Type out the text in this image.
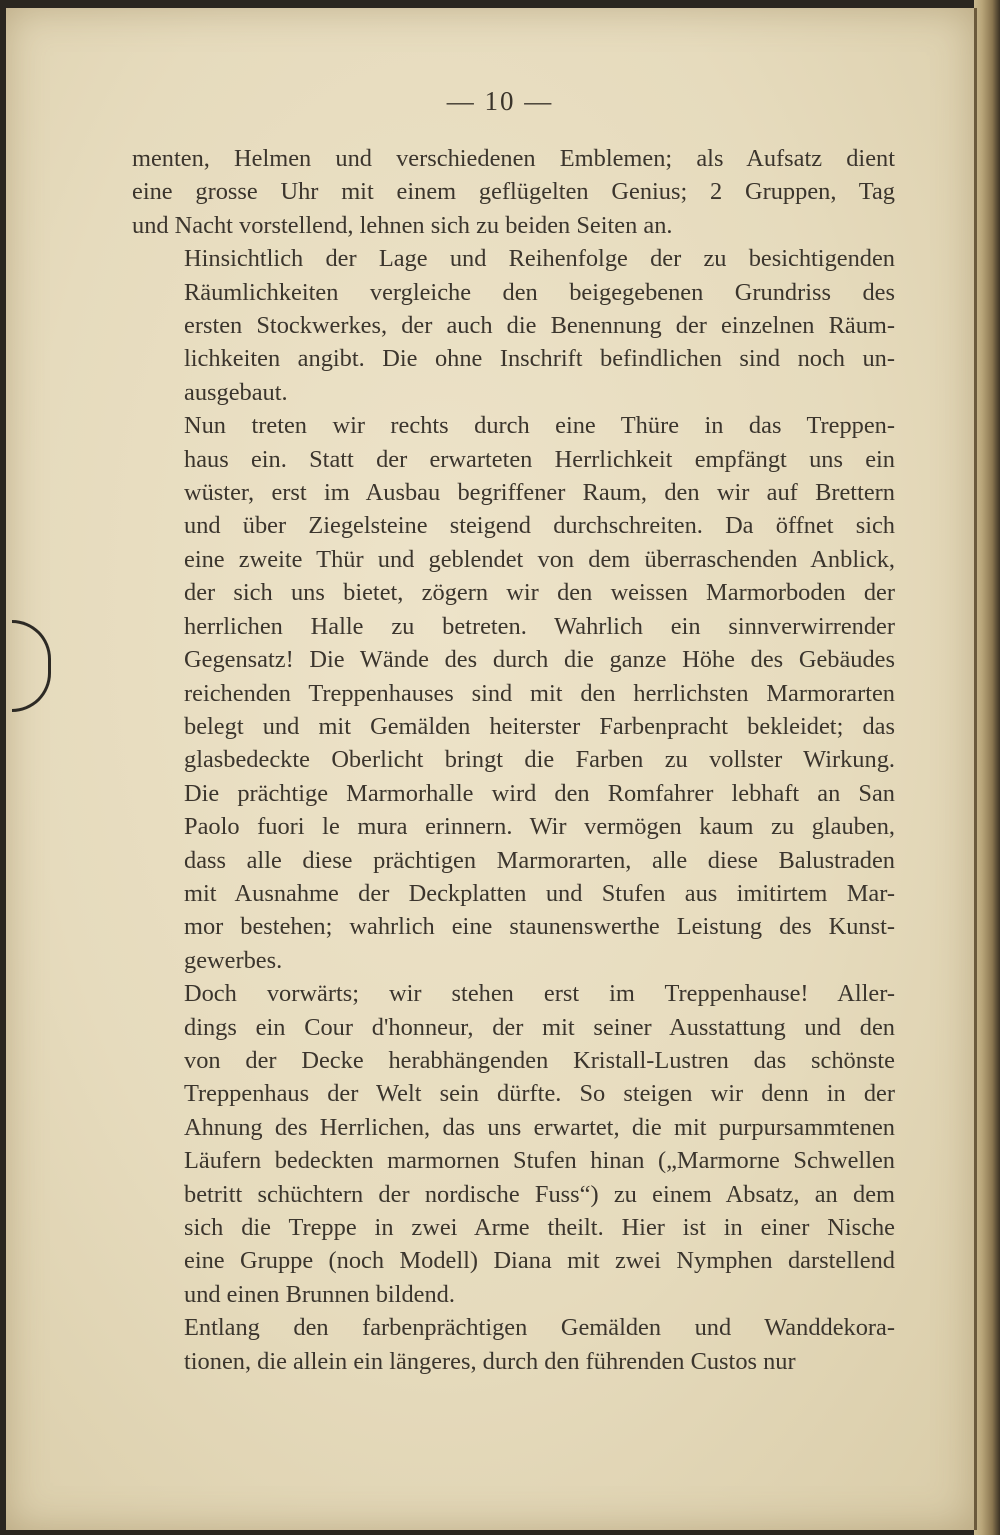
— 10 —

menten, Helmen und verschiedenen Emblemen; als Aufsatz dient
eine grosse Uhr mit einem geflügelten Genius; 2 Gruppen, Tag
und Nacht vorstellend, lehnen sich zu beiden Seiten an.

Hinsichtlich der Lage und Reihenfolge der zu besichtigenden
Räumlichkeiten vergleiche den beigegebenen Grundriss des
ersten Stockwerkes, der auch die Benennung der einzelnen Räum-
lichkeiten angibt. Die ohne Inschrift befindlichen sind noch un-
ausgebaut.

Nun treten wir rechts durch eine Thüre in das Treppen-
haus ein. Statt der erwarteten Herrlichkeit empfängt uns ein
wüster, erst im Ausbau begriffener Raum, den wir auf Brettern
und über Ziegelsteine steigend durchschreiten. Da öffnet sich
eine zweite Thür und geblendet von dem überraschenden Anblick,
der sich uns bietet, zögern wir den weissen Marmorboden der
herrlichen Halle zu betreten. Wahrlich ein sinnverwirrender
Gegensatz! Die Wände des durch die ganze Höhe des Gebäudes
reichenden Treppenhauses sind mit den herrlichsten Marmorarten
belegt und mit Gemälden heiterster Farbenpracht bekleidet; das
glasbedeckte Oberlicht bringt die Farben zu vollster Wirkung.
Die prächtige Marmorhalle wird den Romfahrer lebhaft an San
Paolo fuori le mura erinnern. Wir vermögen kaum zu glauben,
dass alle diese prächtigen Marmorarten, alle diese Balustraden
mit Ausnahme der Deckplatten und Stufen aus imitirtem Mar-
mor bestehen; wahrlich eine staunenswerthe Leistung des Kunst-
gewerbes.

Doch vorwärts; wir stehen erst im Treppenhause! Aller-
dings ein Cour d'honneur, der mit seiner Ausstattung und den
von der Decke herabhängenden Kristall-Lustren das schönste
Treppenhaus der Welt sein dürfte. So steigen wir denn in der
Ahnung des Herrlichen, das uns erwartet, die mit purpursammtenen
Läufern bedeckten marmornen Stufen hinan („Marmorne Schwellen
betritt schüchtern der nordische Fuss“) zu einem Absatz, an dem
sich die Treppe in zwei Arme theilt. Hier ist in einer Nische
eine Gruppe (noch Modell) Diana mit zwei Nymphen darstellend
und einen Brunnen bildend.

Entlang den farbenprächtigen Gemälden und Wanddekora-
tionen, die allein ein längeres, durch den führenden Custos nur
